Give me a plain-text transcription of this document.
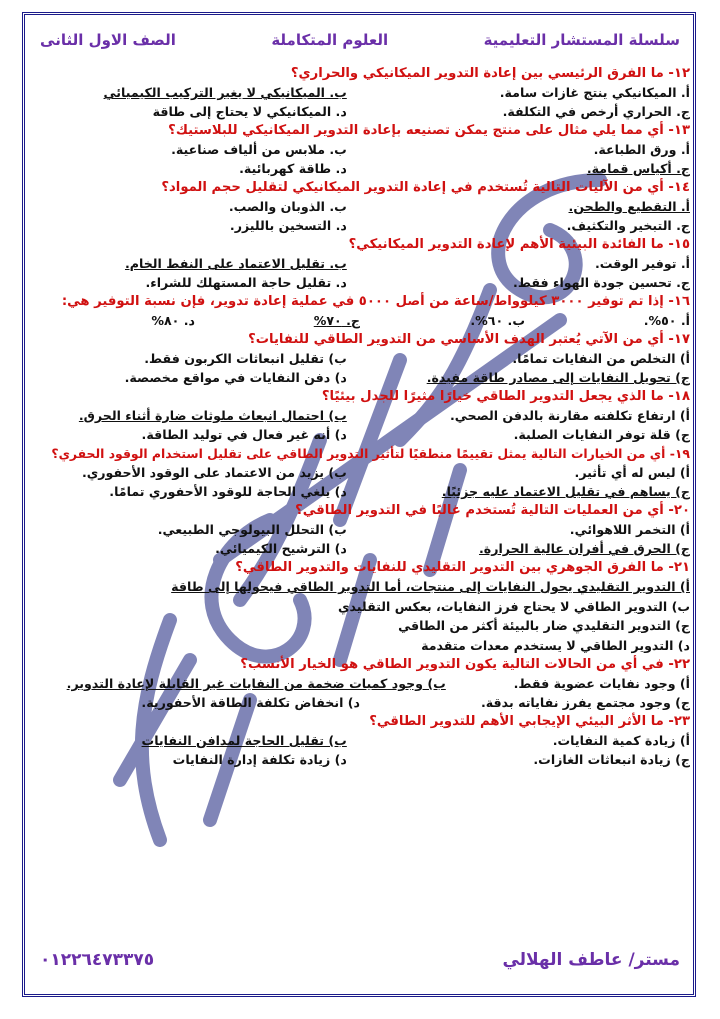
سلسلة المستشار التعليمية
العلوم المتكاملة
الصف الاول الثانى
١٢- ما الفرق الرئيسي بين إعادة التدوير الميكانيكي والحراري؟
أ. الميكانيكي ينتج غازات سامة.
ب. الميكانيكي لا يغير التركيب الكيميائي
ج. الحراري أرخص في التكلفة.
د. الميكانيكي لا يحتاج إلى طاقة
١٣- أي مما يلي مثال على منتج يمكن تصنيعه بإعادة التدوير الميكانيكي للبلاستيك؟
أ. ورق الطباعة.
ب. ملابس من ألياف صناعية.
ج. أكياس قمامة.
د. طاقة كهربائية.
١٤- أي من الآليات التالية تُستخدم في إعادة التدوير الميكانيكي لتقليل حجم المواد؟
أ. التقطيع والطحن.
ب. الذوبان والصب.
ج. التبخير والتكثيف.
د. التسخين بالليزر.
١٥- ما الفائدة البيئية الأهم لإعادة التدوير الميكانيكي؟
أ. توفير الوقت.
ب. تقليل الاعتماد على النفط الخام.
ج. تحسين جودة الهواء فقط.
د. تقليل حاجة المستهلك للشراء.
١٦- إذا تم توفير ٣٠٠٠ كيلوواط/ساعة من أصل ٥٠٠٠ في عملية إعادة تدوير، فإن نسبة التوفير هي:
أ. ٥٠%.
ب. ٦٠%.
ج. ٧٠%
د. ٨٠%
١٧- أي من الآتي يُعتبر الهدف الأساسي من التدوير الطاقي للنفايات؟
أ) التخلص من النفايات تمامًا.
ب) تقليل انبعاثات الكربون فقط.
ج) تحويل النفايات إلى مصادر طاقة مفيدة.
د) دفن النفايات في مواقع مخصصة.
١٨- ما الذي يجعل التدوير الطاقي خيارًا مثيرًا للجدل بيئيًا؟
أ) ارتفاع تكلفته مقارنة بالدفن الصحي.
ب) احتمال انبعاث ملوثات ضارة أثناء الحرق.
ج) قلة توفر النفايات الصلبة.
د) أنه غير فعال في توليد الطاقة.
١٩- أي من الخيارات التالية يمثل تقييمًا منطقيًا لتأثير التدوير الطاقي على تقليل استخدام الوقود الحفري؟
أ) ليس له أي تأثير.
ب) يزيد من الاعتماد على الوقود الأحفوري.
ج) يساهم في تقليل الاعتماد عليه جزئيًا.
د) يلغي الحاجة للوقود الأحفوري تمامًا.
٢٠- أي من العمليات التالية تُستخدم غالبًا في التدوير الطاقي؟
أ) التخمر اللاهوائي.
ب) التحلل البيولوجي الطبيعي.
ج) الحرق في أفران عالية الحرارة.
د) الترشيح الكيميائي.
٢١- ما الفرق الجوهري بين التدوير التقليدي للنفايات والتدوير الطاقي؟
أ) التدوير التقليدي يحول النفايات إلى منتجات، أما التدوير الطاقي فيحولها إلى طاقة
ب) التدوير الطاقي لا يحتاج فرز النفايات، بعكس التقليدي
ج) التدوير التقليدي ضار بالبيئة أكثر من الطاقي
د) التدوير الطاقي لا يستخدم معدات متقدمة
٢٢- في أي من الحالات التالية يكون التدوير الطاقي هو الخيار الأنسب؟
أ) وجود نفايات عضوية فقط.
ب) وجود كميات ضخمة من النفايات غير القابلة لإعادة التدوير.
ج) وجود مجتمع يفرز نفاياته بدقة.
د) انخفاض تكلفة الطاقة الأحفورية.
٢٣- ما الأثر البيئي الإيجابي الأهم للتدوير الطاقي؟
أ) زيادة كمية النفايات.
ب) تقليل الحاجة لمدافن النفايات
ج) زيادة انبعاثات الغازات.
د) زيادة تكلفة إدارة النفايات
مستر/ عاطف الهلالي
٠١٢٢٦٤٧٣٣٧٥
